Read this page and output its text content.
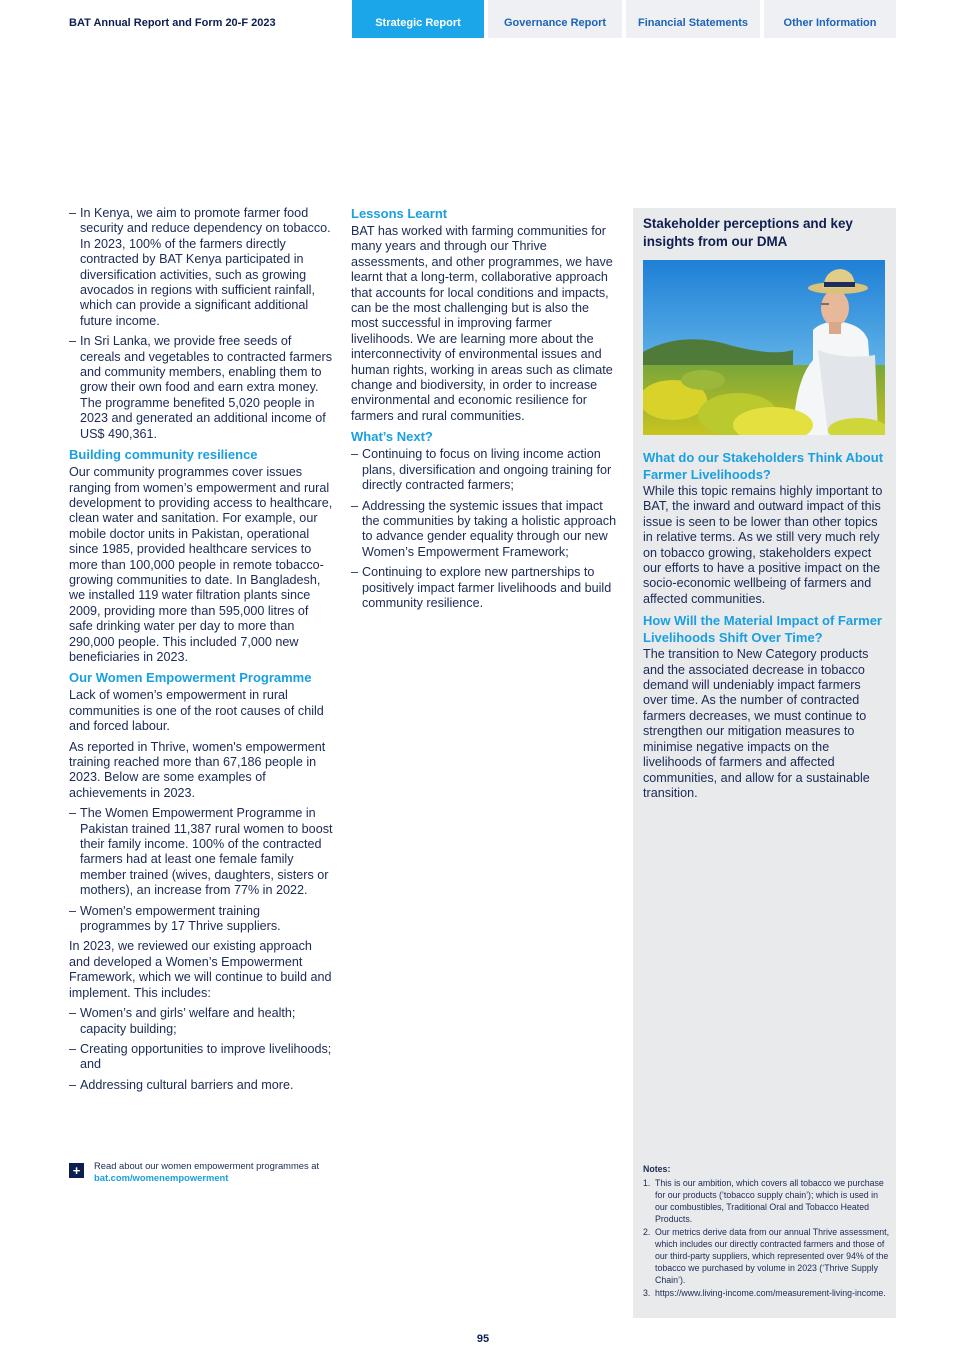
BAT Annual Report and Form 20-F 2023	Strategic Report	Governance Report	Financial Statements	Other Information

– In Kenya, we aim to promote farmer food security and reduce dependency on tobacco. In 2023, 100% of the farmers directly contracted by BAT Kenya participated in diversification activities, such as growing avocados in regions with sufficient rainfall, which can provide a significant additional future income.

– In Sri Lanka, we provide free seeds of cereals and vegetables to contracted farmers and community members, enabling them to grow their own food and earn extra money. The programme benefited 5,020 people in 2023 and generated an additional income of US$ 490,361.

Building community resilience

Our community programmes cover issues ranging from women’s empowerment and rural development to providing access to healthcare, clean water and sanitation. For example, our mobile doctor units in Pakistan, operational since 1985, provided healthcare services to more than 100,000 people in remote tobacco-growing communities to date. In Bangladesh, we installed 119 water filtration plants since 2009, providing more than 595,000 litres of safe drinking water per day to more than 290,000 people. This included 7,000 new beneficiaries in 2023.

Our Women Empowerment Programme

Lack of women’s empowerment in rural communities is one of the root causes of child and forced labour.

As reported in Thrive, women's empowerment training reached more than 67,186 people in 2023. Below are some examples of achievements in 2023.

– The Women Empowerment Programme in Pakistan trained 11,387 rural women to boost their family income. 100% of the contracted farmers had at least one female family member trained (wives, daughters, sisters or mothers), an increase from 77% in 2022.

– Women's empowerment training programmes by 17 Thrive suppliers.

In 2023, we reviewed our existing approach and developed a Women’s Empowerment Framework, which we will continue to build and implement. This includes:

– Women’s and girls’ welfare and health; capacity building;

– Creating opportunities to improve livelihoods; and

– Addressing cultural barriers and more.

+	Read about our women empowerment programmes at bat.com/womenempowerment
Lessons Learnt

BAT has worked with farming communities for many years and through our Thrive assessments, and other programmes, we have learnt that a long-term, collaborative approach that accounts for local conditions and impacts, can be the most challenging but is also the most successful in improving farmer livelihoods. We are learning more about the interconnectivity of environmental issues and human rights, working in areas such as climate change and biodiversity, in order to increase environmental and economic resilience for farmers and rural communities.

What’s Next?

– Continuing to focus on living income action plans, diversification and ongoing training for directly contracted farmers;

– Addressing the systemic issues that impact the communities by taking a holistic approach to advance gender equality through our new Women’s Empowerment Framework;

– Continuing to explore new partnerships to positively impact farmer livelihoods and build community resilience.

Stakeholder perceptions and key insights from our DMA
What do our Stakeholders Think About Farmer Livelihoods?

While this topic remains highly important to BAT, the inward and outward impact of this issue is seen to be lower than other topics in relative terms. As we still very much rely on tobacco growing, stakeholders expect our efforts to have a positive impact on the socio-economic wellbeing of farmers and affected communities.

How Will the Material Impact of Farmer Livelihoods Shift Over Time?

The transition to New Category products and the associated decrease in tobacco demand will undeniably impact farmers over time. As the number of contracted farmers decreases, we must continue to strengthen our mitigation measures to minimise negative impacts on the livelihoods of farmers and affected communities, and allow for a sustainable transition.

Notes:
1. This is our ambition, which covers all tobacco we purchase for our products (‘tobacco supply chain’); which is used in our combustibles, Traditional Oral and Tobacco Heated Products.
2. Our metrics derive data from our annual Thrive assessment, which includes our directly contracted farmers and those of our third-party suppliers, which represented over 94% of the tobacco we purchased by volume in 2023 (‘Thrive Supply Chain’).
3. https://www.living-income.com/measurement-living-income.
95
